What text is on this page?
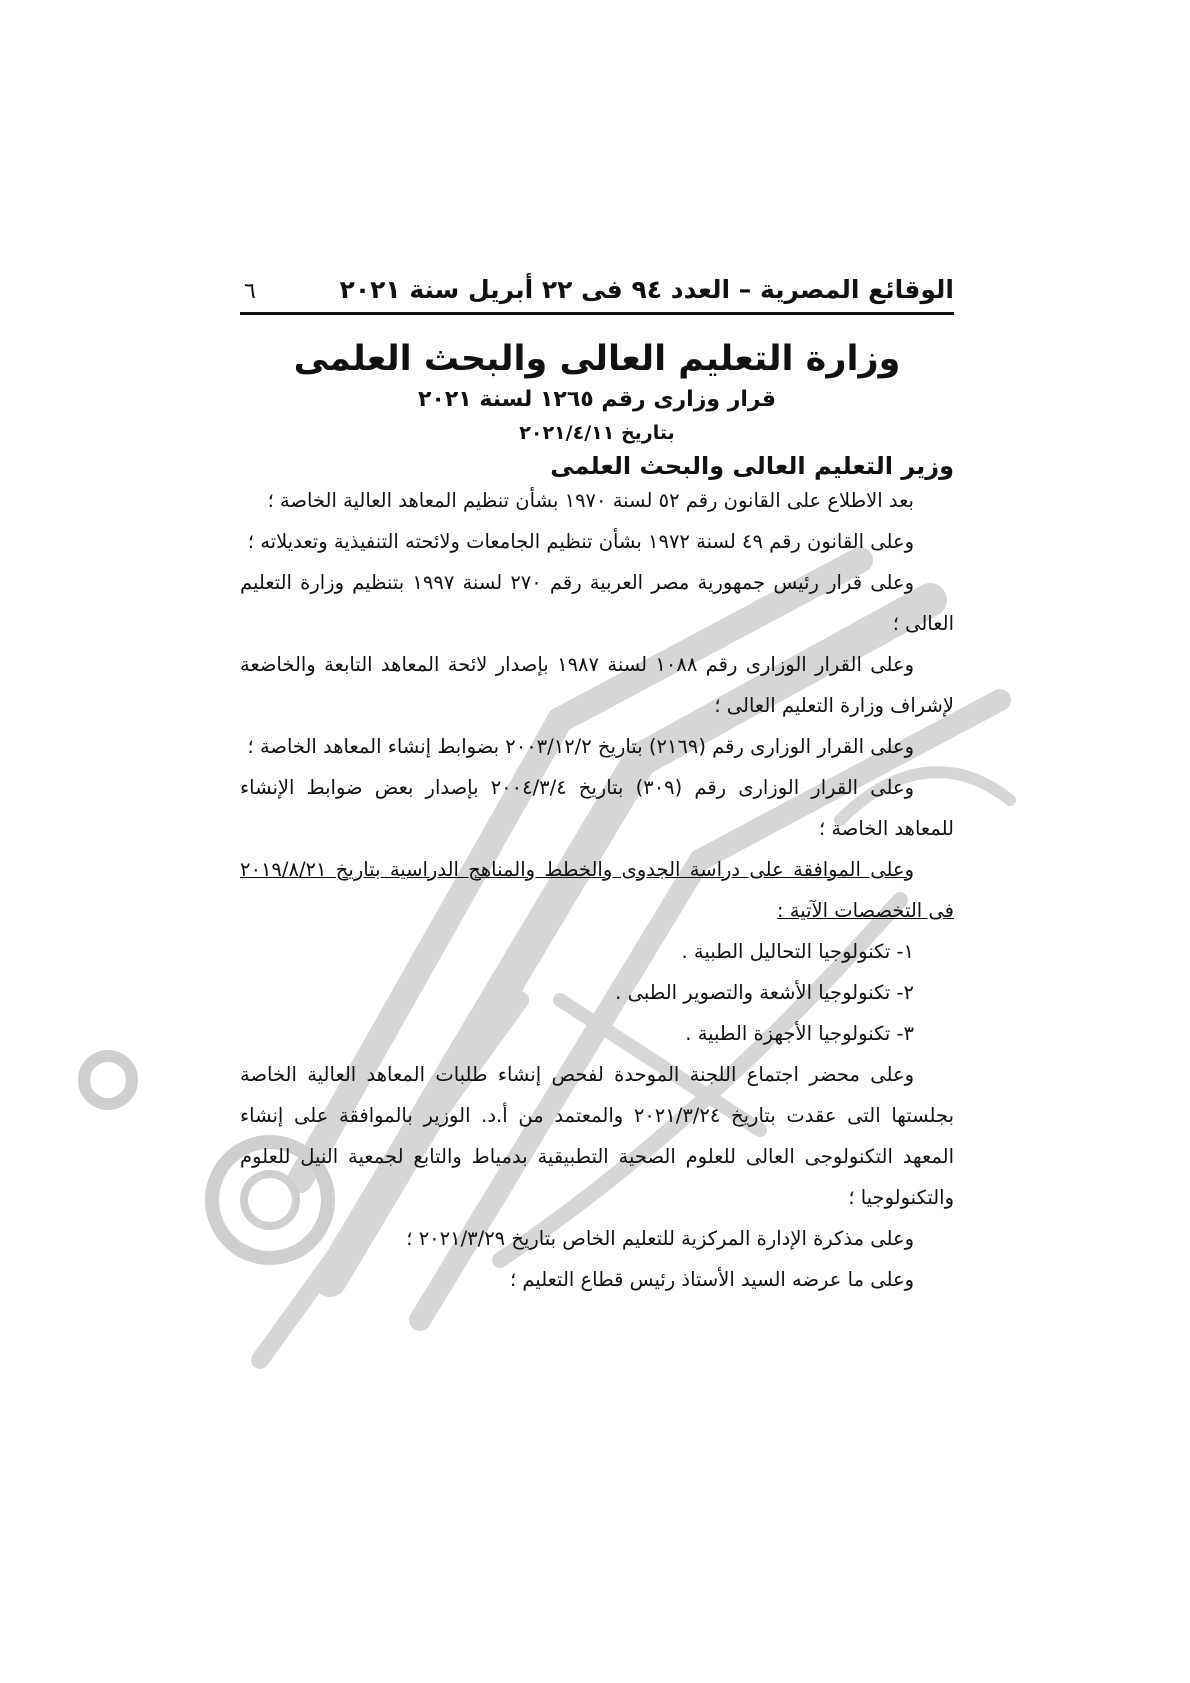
الوقائع المصرية – العدد ٩٤ فى ٢٢ أبريل سنة ٢٠٢١
٦
وزارة التعليم العالى والبحث العلمى
قرار وزارى رقم ١٢٦٥ لسنة ٢٠٢١
بتاريخ ٢٠٢١/٤/١١
وزير التعليم العالى والبحث العلمى

بعد الاطلاع على القانون رقم ٥٢ لسنة ١٩٧٠ بشأن تنظيم المعاهد العالية الخاصة ؛

وعلى القانون رقم ٤٩ لسنة ١٩٧٢ بشأن تنظيم الجامعات ولائحته التنفيذية وتعديلاته ؛

وعلى قرار رئيس جمهورية مصر العربية رقم ٢٧٠ لسنة ١٩٩٧ بتنظيم وزارة التعليم العالى ؛

وعلى القرار الوزارى رقم ١٠٨٨ لسنة ١٩٨٧ بإصدار لائحة المعاهد التابعة والخاضعة لإشراف وزارة التعليم العالى ؛

وعلى القرار الوزارى رقم (٢١٦٩) بتاريخ ٢٠٠٣/١٢/٢ بضوابط إنشاء المعاهد الخاصة ؛

وعلى القرار الوزارى رقم (٣٠٩) بتاريخ ٢٠٠٤/٣/٤ بإصدار بعض ضوابط الإنشاء للمعاهد الخاصة ؛

وعلى الموافقة على دراسة الجدوى والخطط والمناهج الدراسية بتاريخ ٢٠١٩/٨/٢١ فى التخصصات الآتية :

١- تكنولوجيا التحاليل الطبية .

٢- تكنولوجيا الأشعة والتصوير الطبى .

٣- تكنولوجيا الأجهزة الطبية .

وعلى محضر اجتماع اللجنة الموحدة لفحص إنشاء طلبات المعاهد العالية الخاصة بجلستها التى عقدت بتاريخ ٢٠٢١/٣/٢٤ والمعتمد من أ.د. الوزير بالموافقة على إنشاء المعهد التكنولوجى العالى للعلوم الصحية التطبيقية بدمياط والتابع لجمعية النيل للعلوم والتكنولوجيا ؛

وعلى مذكرة الإدارة المركزية للتعليم الخاص بتاريخ ٢٠٢١/٣/٢٩ ؛

وعلى ما عرضه السيد الأستاذ رئيس قطاع التعليم ؛
